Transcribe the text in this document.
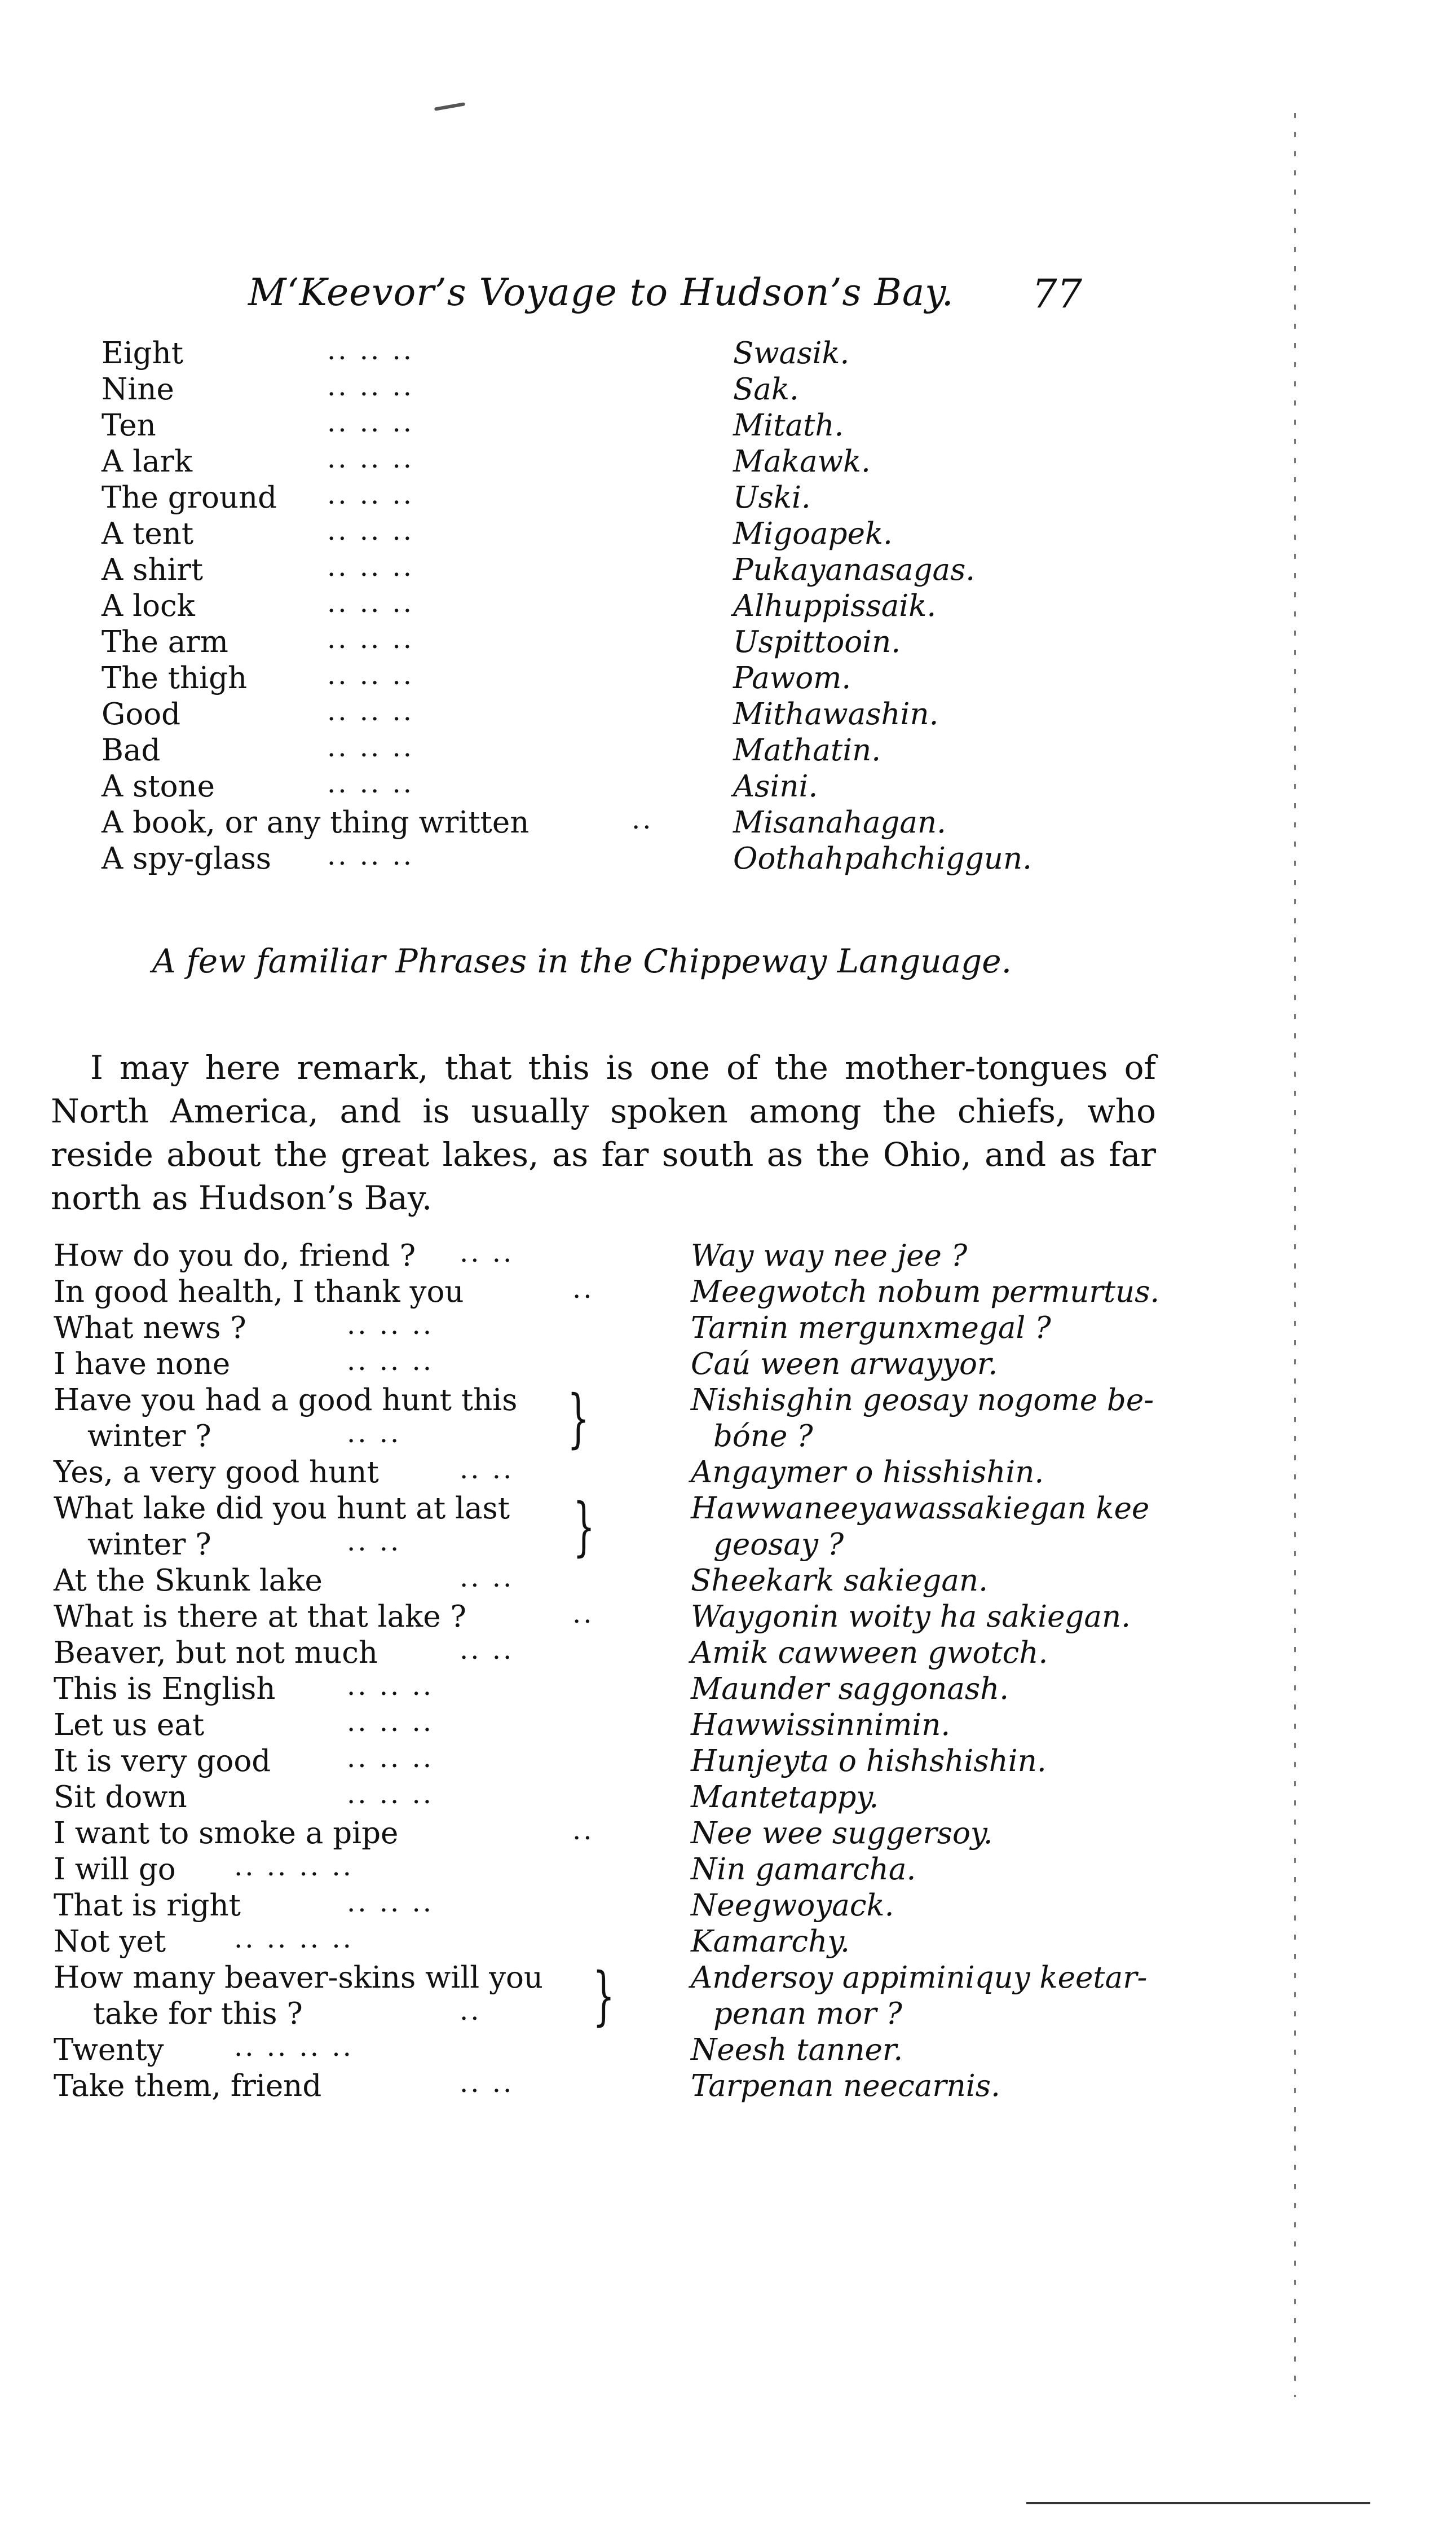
M‘Keevor’s Voyage to Hudson’s Bay. 77
Eight	.. .. ..	Swasik.
Nine	.. .. ..	Sak.
Ten	.. .. ..	Mitath.
A lark	.. .. ..	Makawk.
The ground .. .. ..	Uski.
A tent	.. .. ..	Migoapek.
A shirt	.. .. ..	Pukayanasagas.
A lock	.. .. ..	Alhuppissaik.
The arm	.. .. ..	Uspittooin.
The thigh	.. .. ..	Pawom.
Good	.. .. ..	Mithawashin.
Bad	.. .. ..	Mathatin.
A stone	.. .. ..	Asini.
A book, or any thing written	..	Misanahagan.
A spy-glass .. .. ..	Oothahpahchiggun.
A few familiar Phrases in the Chippeway Language.

I may here remark, that this is one of the mother-tongues of North America, and is usually spoken among the chiefs, who reside about the great lakes, as far south as the Ohio, and as far north as Hudson’s Bay.

How do you do, friend ? .. ..	Way way nee jee ?
In good health, I thank you	..	Meegwotch nobum permurtus.
What news ?	.. .. ..	Tarnin mergunxmegal ?
I have none	.. .. ..	Caú ween arwayyor.
Have you had a good hunt this
winter ?	.. ..	}	Nishisghin geosay nogome be-
bóne ?
Yes, a very good hunt	.. ..	Angaymer o hisshishin.
What lake did you hunt at last
winter ?	.. ..	}	Hawwaneeyawassakiegan kee
geosay ?
At the Skunk lake	.. ..	Sheekark sakiegan.
What is there at that lake ?	..	Waygonin woity ha sakiegan.
Beaver, but not much	.. ..	Amik cawween gwotch.
This is English	.. .. ..	Maunder saggonash.
Let us eat	.. .. ..	Hawwissinnimin.
It is very good	.. .. ..	Hunjeyta o hishshishin.
Sit down	.. .. ..	Mantetappy.
I want to smoke a pipe	..	Nee wee suggersoy.
I will go .. .. .. ..	Nin gamarcha.
That is right	.. .. ..	Neegwoyack.
Not yet	.. .. .. ..	Kamarchy.
How many beaver-skins will you
take for this ?	.. }	Andersoy appiminiquy keetar-
penan mor ?
Twenty	.. .. .. ..	Neesh tanner.
Take them, friend	.. ..	Tarpenan neecarnis.
